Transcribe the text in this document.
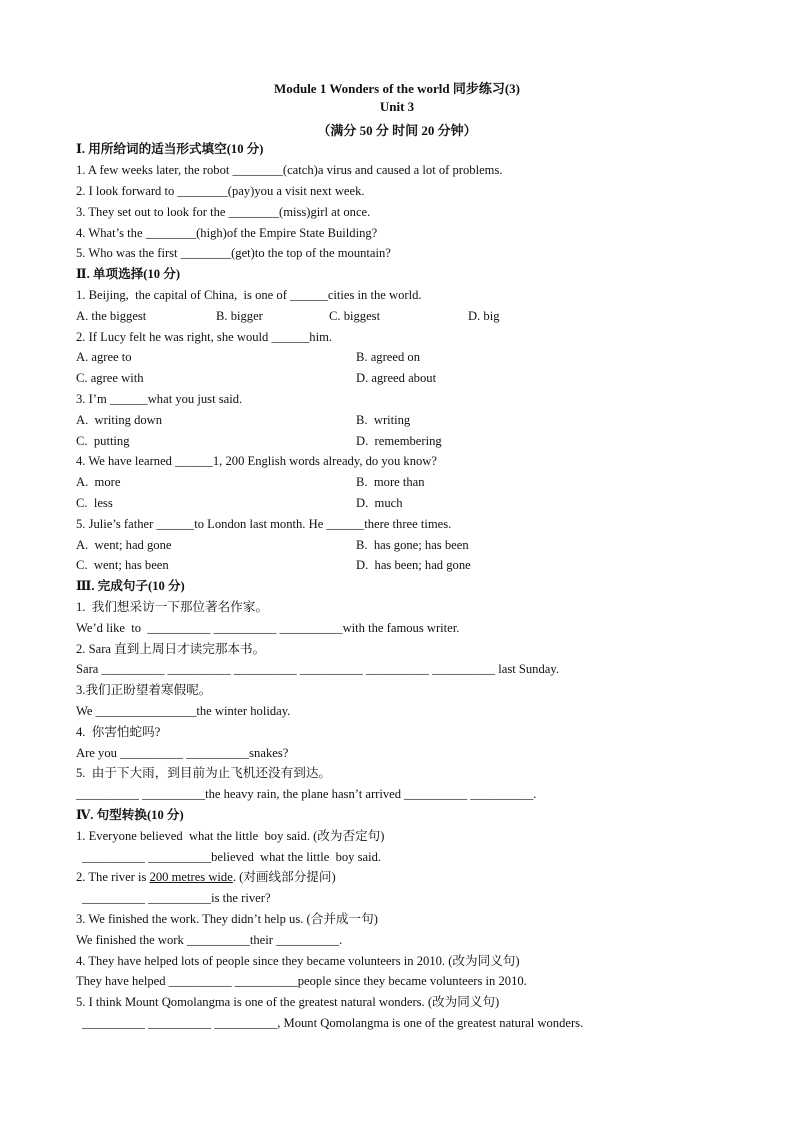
Module 1 Wonders of the world 同步练习(3)
Unit 3
（满分 50 分 时间 20 分钟）
Ⅰ. 用所给词的适当形式填空(10 分)
1. A few weeks later, the robot ________(catch)a virus and caused a lot of problems.
2. I look forward to ________(pay)you a visit next week.
3. They set out to look for the ________(miss)girl at once.
4. What’s the ________(high)of the Empire State Building?
5. Who was the first ________(get)to the top of the mountain?
Ⅱ. 单项选择(10 分)
1. Beijing,  the capital of China,  is one of ______cities in the world.
A. the biggest	B. bigger	C. biggest	D. big
2. If Lucy felt he was right, she would ______him.
A. agree to	B. agreed on
C. agree with	D. agreed about
3. I’m ______what you just said.
A.  writing down	B.  writing
C.  putting	D.  remembering
4. We have learned ______1, 200 English words already, do you know?
A.  more	B.  more than
C.  less	D.  much
5. Julie’s father ______to London last month. He ______there three times.
A.  went; had gone	B.  has gone; has been
C.  went; has been	D.  has been; had gone
Ⅲ. 完成句子(10 分)
1.  我们想采访一下那位著名作家。
We’d like  to  __________ __________ __________with the famous writer.
2. Sara 直到上周日才读完那本书。
Sara __________ __________ __________ __________ __________ __________ last Sunday.
3.我们正盼望着寒假呢。
We ________________the winter holiday.
4.  你害怕蛇吗?
Are you __________ __________snakes?
5.  由于下大雨，到目前为止飞机还没有到达。
__________ __________the heavy rain, the plane hasn’t arrived __________ __________.
Ⅳ. 句型转换(10 分)
1. Everyone believed  what the little  boy said. (改为否定句)
__________ __________believed  what the little  boy said.
2. The river is 200 metres wide. (对画线部分提问)
__________ __________is the river?
3. We finished the work. They didn’t help us. (合并成一句)
We finished the work __________their __________.
4. They have helped lots of people since they became volunteers in 2010. (改为同义句)
They have helped __________ __________people since they became volunteers in 2010.
5. I think Mount Qomolangma is one of the greatest natural wonders. (改为同义句)
__________ __________ __________, Mount Qomolangma is one of the greatest natural wonders.
